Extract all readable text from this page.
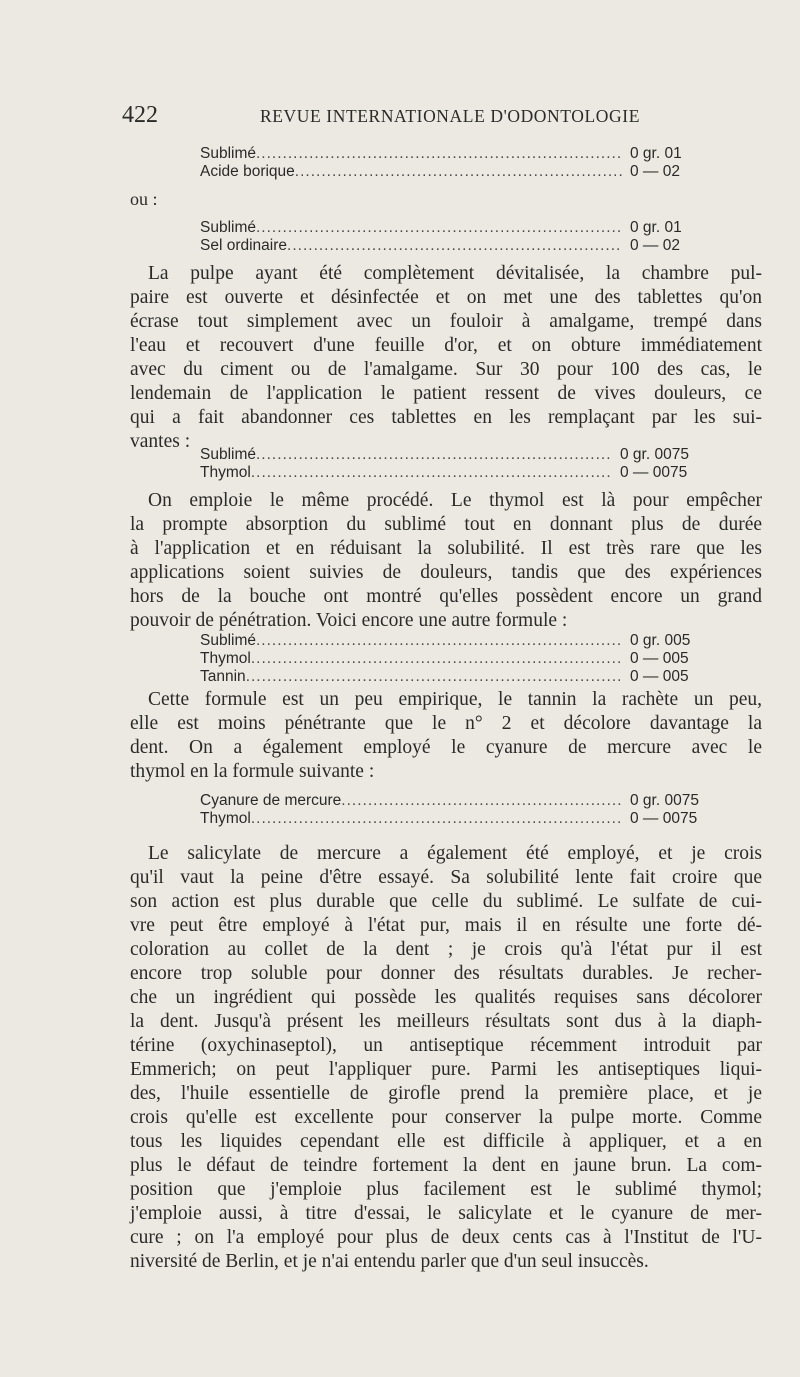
422	REVUE INTERNATIONALE D'ODONTOLOGIE
Sublimé .....	0 gr. 01
Acide borique .....	0 — 02
ou :
Sublimé .....	0 gr. 01
Sel ordinaire .....	0 — 02
La pulpe ayant été complètement dévitalisée, la chambre pul-
paire est ouverte et désinfectée et on met une des tablettes qu'on
écrase tout simplement avec un fouloir à amalgame, trempé dans
l'eau et recouvert d'une feuille d'or, et on obture immédiatement
avec du ciment ou de l'amalgame. Sur 30 pour 100 des cas, le
lendemain de l'application le patient ressent de vives douleurs, ce
qui a fait abandonner ces tablettes en les remplaçant par les sui-
vantes :
Sublimé .....	0 gr. 0075
Thymol .....	0 — 0075
On emploie le même procédé. Le thymol est là pour empêcher
la prompte absorption du sublimé tout en donnant plus de durée
à l'application et en réduisant la solubilité. Il est très rare que les
applications soient suivies de douleurs, tandis que des expériences
hors de la bouche ont montré qu'elles possèdent encore un grand
pouvoir de pénétration. Voici encore une autre formule :
Sublimé .....	0 gr. 005
Thymol .....	0 — 005
Tannin .....	0 — 005
Cette formule est un peu empirique, le tannin la rachète un peu,
elle est moins pénétrante que le n° 2 et décolore davantage la
dent. On a également employé le cyanure de mercure avec le
thymol en la formule suivante :
Cyanure de mercure .....	0 gr. 0075
Thymol .....	0 — 0075
Le salicylate de mercure a également été employé, et je crois
qu'il vaut la peine d'être essayé. Sa solubilité lente fait croire que
son action est plus durable que celle du sublimé. Le sulfate de cui-
vre peut être employé à l'état pur, mais il en résulte une forte dé-
coloration au collet de la dent ; je crois qu'à l'état pur il est
encore trop soluble pour donner des résultats durables. Je recher-
che un ingrédient qui possède les qualités requises sans décolorer
la dent. Jusqu'à présent les meilleurs résultats sont dus à la diaph-
térine (oxychinaseptol), un antiseptique récemment introduit par
Emmerich; on peut l'appliquer pure. Parmi les antiseptiques liqui-
des, l'huile essentielle de girofle prend la première place, et je
crois qu'elle est excellente pour conserver la pulpe morte. Comme
tous les liquides cependant elle est difficile à appliquer, et a en
plus le défaut de teindre fortement la dent en jaune brun. La com-
position que j'emploie plus facilement est le sublimé thymol;
j'emploie aussi, à titre d'essai, le salicylate et le cyanure de mer-
cure ; on l'a employé pour plus de deux cents cas à l'Institut de l'U-
niversité de Berlin, et je n'ai entendu parler que d'un seul insuccès.
